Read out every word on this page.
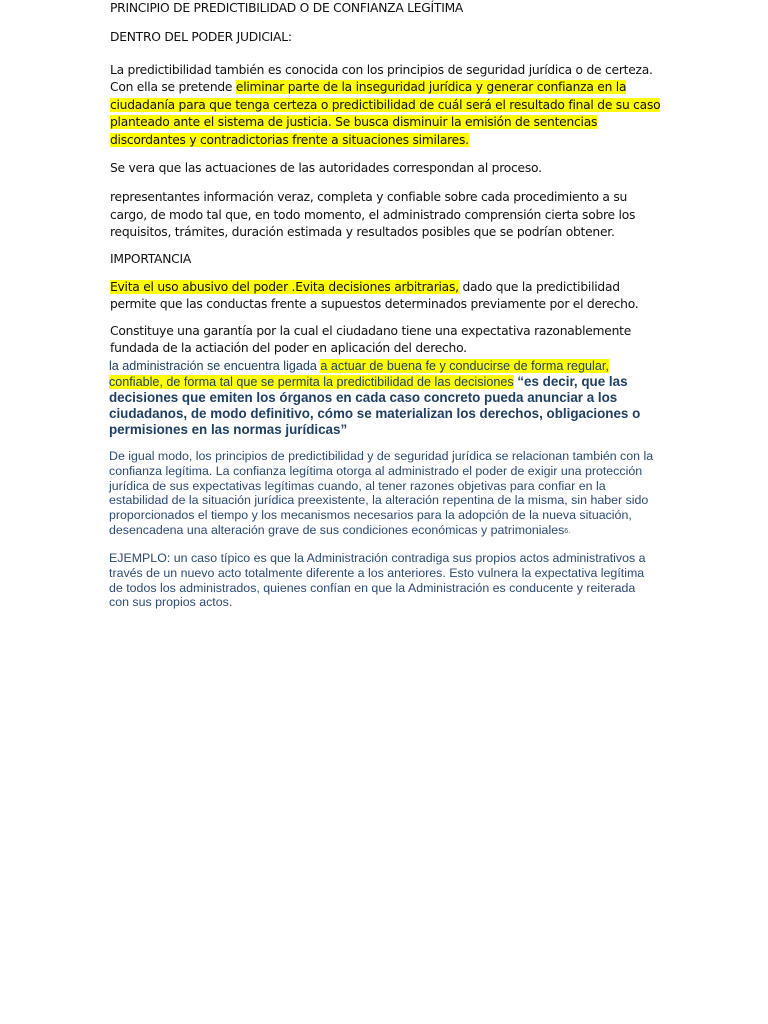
PRINCIPIO DE PREDICTIBILIDAD O DE CONFIANZA LEGÍTIMA

DENTRO DEL PODER JUDICIAL:

La predictibilidad también es conocida con los principios de seguridad jurídica o de certeza. Con ella se pretende eliminar parte de la inseguridad jurídica y generar confianza en la ciudadanía para que tenga certeza o predictibilidad de cuál será el resultado final de su caso planteado ante el sistema de justicia. Se busca disminuir la emisión de sentencias discordantes y contradictorias frente a situaciones similares.

Se vera que las actuaciones de las autoridades correspondan al proceso.

representantes información veraz, completa y confiable sobre cada procedimiento a su cargo, de modo tal que, en todo momento, el administrado comprensión cierta sobre los requisitos, trámites, duración estimada y resultados posibles que se podrían obtener.

IMPORTANCIA

Evita el uso abusivo del poder .Evita decisiones arbitrarias, dado que la predictibilidad permite que las conductas frente a supuestos determinados previamente por el derecho.

Constituye una garantía por la cual el ciudadano tiene una expectativa razonablemente fundada de la actiación del poder en aplicación del derecho.

la administración se encuentra ligada a actuar de buena fe y conducirse de forma regular, confiable, de forma tal que se permita la predictibilidad de las decisiones “es decir, que las decisiones que emiten los órganos en cada caso concreto pueda anunciar a los ciudadanos, de modo definitivo, cómo se materializan los derechos, obligaciones o permisiones en las normas jurídicas”
De igual modo, los principios de predictibilidad y de seguridad jurídica se relacionan también con la confianza legítima. La confianza legítima otorga al administrado el poder de exigir una protección jurídica de sus expectativas legítimas cuando, al tener razones objetivas para confiar en la estabilidad de la situación jurídica preexistente, la alteración repentina de la misma, sin haber sido proporcionados el tiempo y los mecanismos necesarios para la adopción de la nueva situación, desencadena una alteración grave de sus condiciones económicas y patrimoniales6.
EJEMPLO: un caso típico es que la Administración contradiga sus propios actos administrativos a través de un nuevo acto totalmente diferente a los anteriores. Esto vulnera la expectativa legítima de todos los administrados, quienes confían en que la Administración es conducente y reiterada con sus propios actos.
